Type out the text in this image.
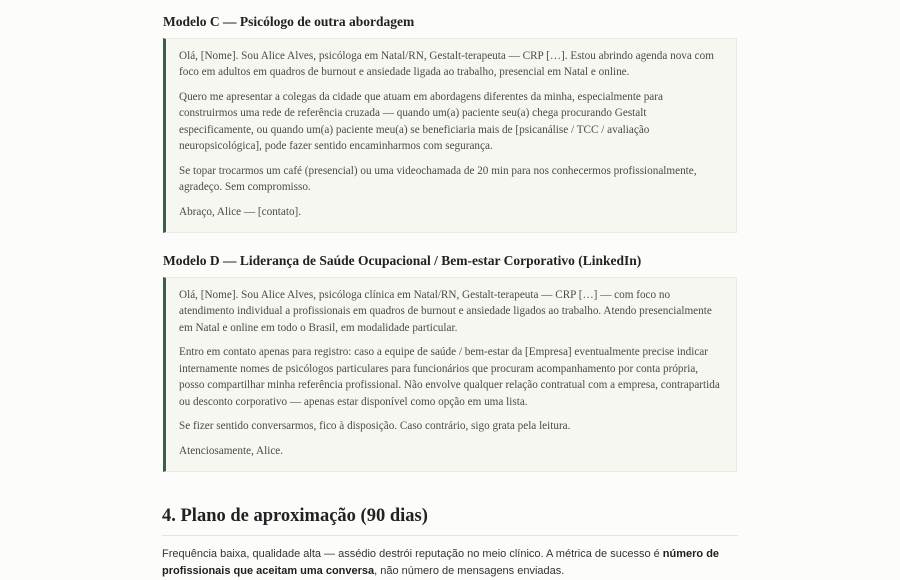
Modelo C — Psicólogo de outra abordagem

Olá, [Nome]. Sou Alice Alves, psicóloga em Natal/RN, Gestalt-terapeuta — CRP […]. Estou abrindo agenda nova com foco em adultos em quadros de burnout e ansiedade ligada ao trabalho, presencial em Natal e online.

Quero me apresentar a colegas da cidade que atuam em abordagens diferentes da minha, especialmente para construirmos uma rede de referência cruzada — quando um(a) paciente seu(a) chega procurando Gestalt especificamente, ou quando um(a) paciente meu(a) se beneficiaria mais de [psicanálise / TCC / avaliação neuropsicológica], pode fazer sentido encaminharmos com segurança.

Se topar trocarmos um café (presencial) ou uma videochamada de 20 min para nos conhecermos profissionalmente, agradeço. Sem compromisso.

Abraço, Alice — [contato].

Modelo D — Liderança de Saúde Ocupacional / Bem-estar Corporativo (LinkedIn)

Olá, [Nome]. Sou Alice Alves, psicóloga clínica em Natal/RN, Gestalt-terapeuta — CRP […] — com foco no atendimento individual a profissionais em quadros de burnout e ansiedade ligados ao trabalho. Atendo presencialmente em Natal e online em todo o Brasil, em modalidade particular.

Entro em contato apenas para registro: caso a equipe de saúde / bem-estar da [Empresa] eventualmente precise indicar internamente nomes de psicólogos particulares para funcionários que procuram acompanhamento por conta própria, posso compartilhar minha referência profissional. Não envolve qualquer relação contratual com a empresa, contrapartida ou desconto corporativo — apenas estar disponível como opção em uma lista.

Se fizer sentido conversarmos, fico à disposição. Caso contrário, sigo grata pela leitura.

Atenciosamente, Alice.

4. Plano de aproximação (90 dias)

Frequência baixa, qualidade alta — assédio destrói reputação no meio clínico. A métrica de sucesso é número de profissionais que aceitam uma conversa, não número de mensagens enviadas.
